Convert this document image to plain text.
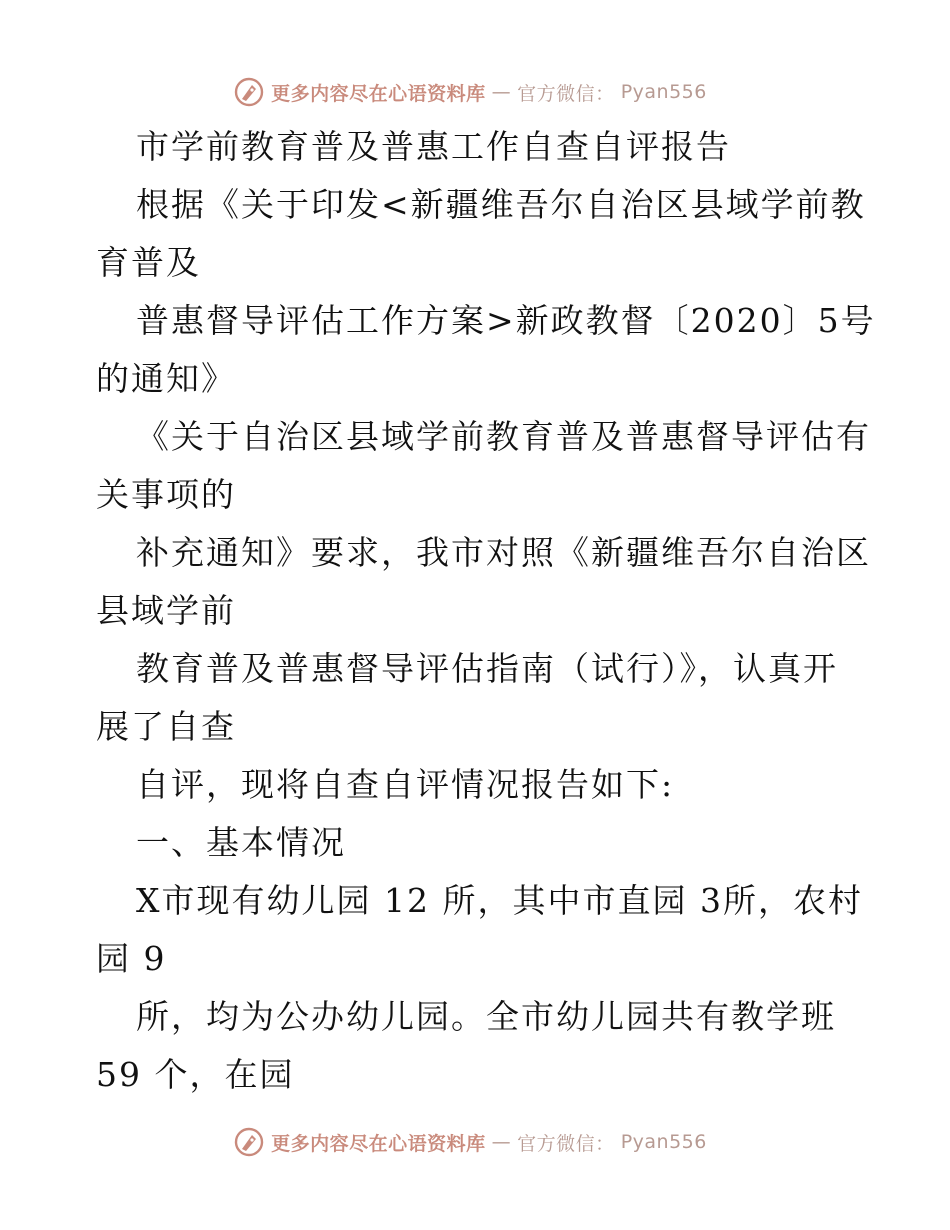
更多内容尽在心语资料库 — 官方微信： Pyan556
市学前教育普及普惠工作自查自评报告
根据《关于印发<新疆维吾尔自治区县域学前教
育普及
普惠督导评估工作方案>新政教督〔2020〕5号
的通知》
《关于自治区县域学前教育普及普惠督导评估有
关事项的
补充通知》要求，我市对照《新疆维吾尔自治区
县域学前
教育普及普惠督导评估指南（试行）》，认真开
展了自查
自评，现将自查自评情况报告如下:
一、基本情况
X市现有幼儿园 12 所，其中市直园 3所，农村
园 9
所，均为公办幼儿园。全市幼儿园共有教学班
59 个，在园
更多内容尽在心语资料库 — 官方微信： Pyan556
